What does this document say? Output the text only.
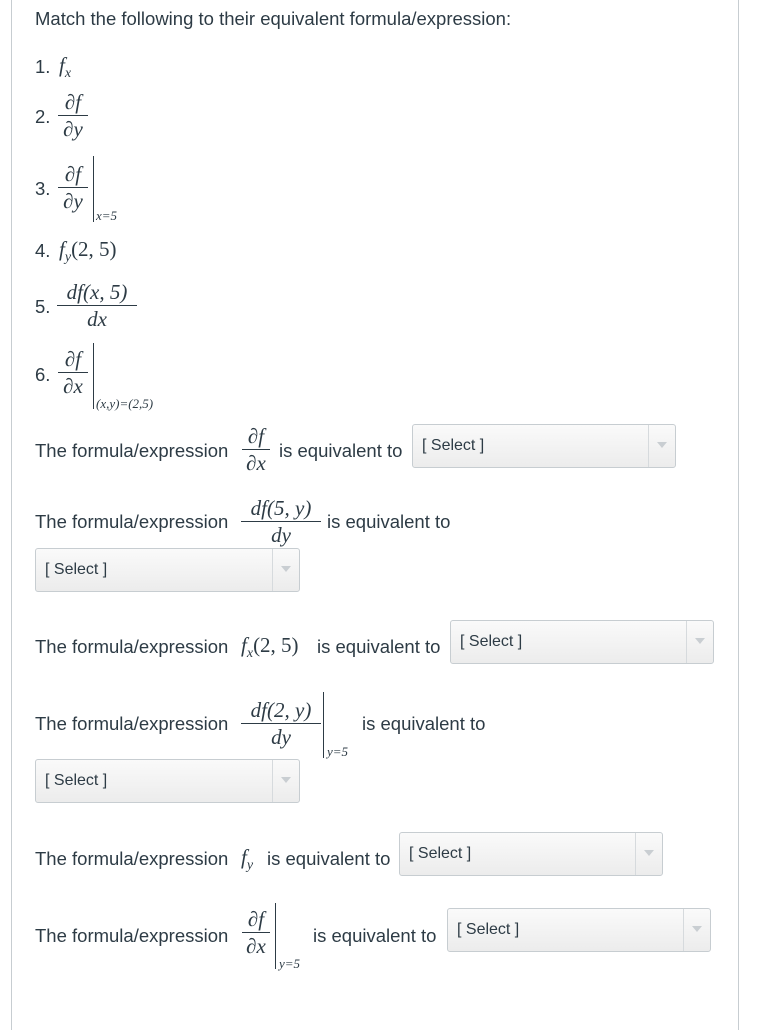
Match the following to their equivalent formula/expression:
1. $f_x$
2.
∂f
∂y
3.
∂f
∂y
x=5
4. $f_y(2$, 5)
5.
df(x, 5)
dx
6.
∂f
∂x
(x,y)=(2,5)
The formula/expression
∂f
∂x
is equivalent to [ Select ]
The formula/expression
df(5, y)
dy
is equivalent to
[ Select ]
The formula/expression $f_x(2$, 5) is equivalent to [ Select ]
The formula/expression
df(2, y)
dy
y=5
is equivalent to
[ Select ]
The formula/expression $f_y$ is equivalent to [ Select ]
The formula/expression
∂f
∂x
y=5
is equivalent to [ Select ]
